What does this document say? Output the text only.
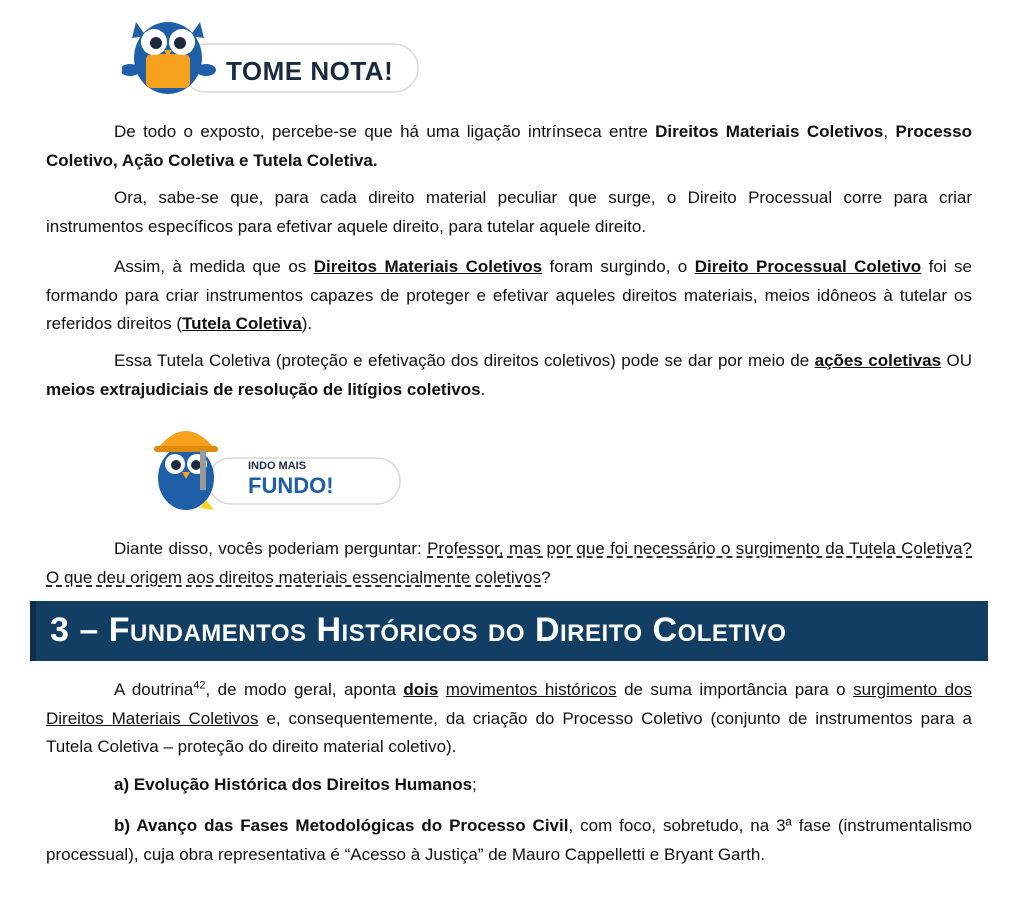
TOME NOTA!

De todo o exposto, percebe-se que há uma ligação intrínseca entre Direitos Materiais Coletivos, Processo Coletivo, Ação Coletiva e Tutela Coletiva.

Ora, sabe-se que, para cada direito material peculiar que surge, o Direito Processual corre para criar instrumentos específicos para efetivar aquele direito, para tutelar aquele direito.

Assim, à medida que os Direitos Materiais Coletivos foram surgindo, o Direito Processual Coletivo foi se formando para criar instrumentos capazes de proteger e efetivar aqueles direitos materiais, meios idôneos à tutelar os referidos direitos (Tutela Coletiva).

Essa Tutela Coletiva (proteção e efetivação dos direitos coletivos) pode se dar por meio de ações coletivas OU meios extrajudiciais de resolução de litígios coletivos.

INDO MAIS
FUNDO!

Diante disso, vocês poderiam perguntar: Professor, mas por que foi necessário o surgimento da Tutela Coletiva? O que deu origem aos direitos materiais essencialmente coletivos?

3 – Fundamentos Históricos do Direito Coletivo

A doutrina$^{42}$, de modo geral, aponta dois movimentos históricos de suma importância para o surgimento dos Direitos Materiais Coletivos e, consequentemente, da criação do Processo Coletivo (conjunto de instrumentos para a Tutela Coletiva – proteção do direito material coletivo).

a) Evolução Histórica dos Direitos Humanos;

b) Avanço das Fases Metodológicas do Processo Civil, com foco, sobretudo, na 3ª fase (instrumentalismo processual), cuja obra representativa é “Acesso à Justiça” de Mauro Cappelletti e Bryant Garth.
